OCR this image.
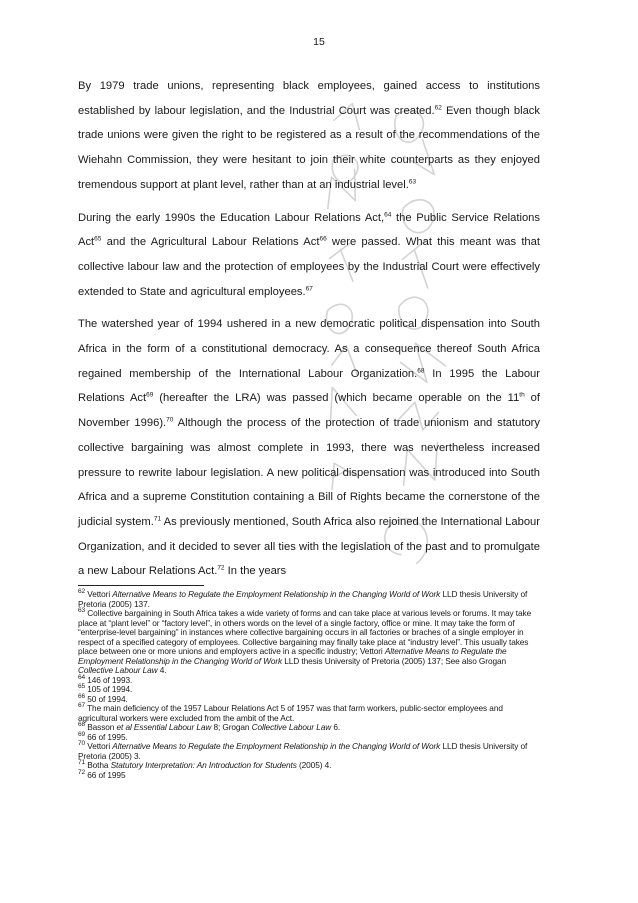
15

By 1979 trade unions, representing black employees, gained access to institutions established by labour legislation, and the Industrial Court was created.$^{62}$ Even though black trade unions were given the right to be registered as a result of the recommendations of the Wiehahn Commission, they were hesitant to join their white counterparts as they enjoyed tremendous support at plant level, rather than at an industrial level.$^{63}$

During the early 1990s the Education Labour Relations Act,$^{64}$ the Public Service Relations Act$^{65}$ and the Agricultural Labour Relations Act$^{66}$ were passed. What this meant was that collective labour law and the protection of employees by the Industrial Court were effectively extended to State and agricultural employees.$^{67}$

The watershed year of 1994 ushered in a new democratic political dispensation into South Africa in the form of a constitutional democracy. As a consequence thereof South Africa regained membership of the International Labour Organization.$^{68}$ In 1995 the Labour Relations Act$^{69}$ (hereafter the LRA) was passed (which became operable on the 11th of November 1996).$^{70}$ Although the process of the protection of trade unionism and statutory collective bargaining was almost complete in 1993, there was nevertheless increased pressure to rewrite labour legislation. A new political dispensation was introduced into South Africa and a supreme Constitution containing a Bill of Rights became the cornerstone of the judicial system.$^{71}$ As previously mentioned, South Africa also rejoined the International Labour Organization, and it decided to sever all ties with the legislation of the past and to promulgate a new Labour Relations Act.$^{72}$ In the years

$^{62}$ Vettori Alternative Means to Regulate the Employment Relationship in the Changing World of Work LLD thesis University of Pretoria (2005) 137.
$^{63}$ Collective bargaining in South Africa takes a wide variety of forms and can take place at various levels or forums. It may take place at “plant level” or “factory level”, in others words on the level of a single factory, office or mine. It may take the form of “enterprise-level bargaining” in instances where collective bargaining occurs in all factories or braches of a single employer in respect of a specified category of employees. Collective bargaining may finally take place at “industry level”. This usually takes place between one or more unions and employers active in a specific industry; Vettori Alternative Means to Regulate the Employment Relationship in the Changing World of Work LLD thesis University of Pretoria (2005) 137; See also Grogan Collective Labour Law 4.
$^{64}$ 146 of 1993.
$^{65}$ 105 of 1994.
$^{66}$ 50 of 1994.
$^{67}$ The main deficiency of the 1957 Labour Relations Act 5 of 1957 was that farm workers, public-sector employees and agricultural workers were excluded from the ambit of the Act.
$^{68}$ Basson et al Essential Labour Law 8; Grogan Collective Labour Law 6.
$^{69}$ 66 of 1995.
$^{70}$ Vettori Alternative Means to Regulate the Employment Relationship in the Changing World of Work LLD thesis University of Pretoria (2005) 3.
$^{71}$ Botha Statutory Interpretation: An Introduction for Students (2005) 4.
$^{72}$ 66 of 1995
